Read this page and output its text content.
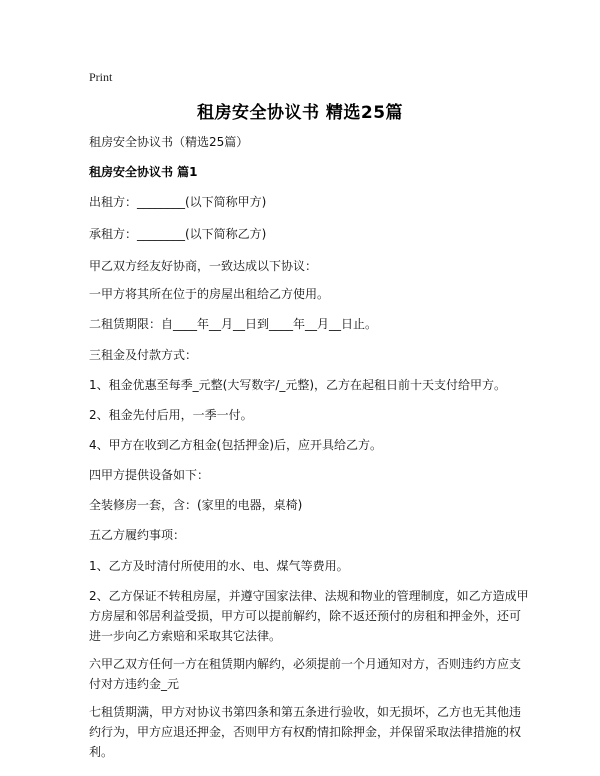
Print
租房安全协议书 精选25篇
租房安全协议书（精选25篇）
租房安全协议书 篇1
出租方：________(以下简称甲方)
承租方：________(以下简称乙方)
甲乙双方经友好协商，一致达成以下协议：
一甲方将其所在位于的房屋出租给乙方使用。
二租赁期限：自____年__月__日到____年__月__日止。
三租金及付款方式：
1、租金优惠至每季_元整(大写数字/_元整)，乙方在起租日前十天支付给甲方。
2、租金先付后用，一季一付。
4、甲方在收到乙方租金(包括押金)后，应开具给乙方。
四甲方提供设备如下：
全装修房一套，含：(家里的电器，桌椅)
五乙方履约事项：
1、乙方及时清付所使用的水、电、煤气等费用。
2、乙方保证不转租房屋，并遵守国家法律、法规和物业的管理制度，如乙方造成甲方房屋和邻居利益受损，甲方可以提前解约，除不返还预付的房租和押金外，还可进一步向乙方索赔和采取其它法律。
六甲乙双方任何一方在租赁期内解约，必须提前一个月通知对方，否则违约方应支付对方违约金_元
七租赁期满，甲方对协议书第四条和第五条进行验收，如无损坏，乙方也无其他违约行为，甲方应退还押金，否则甲方有权酌情扣除押金，并保留采取法律措施的权利。
